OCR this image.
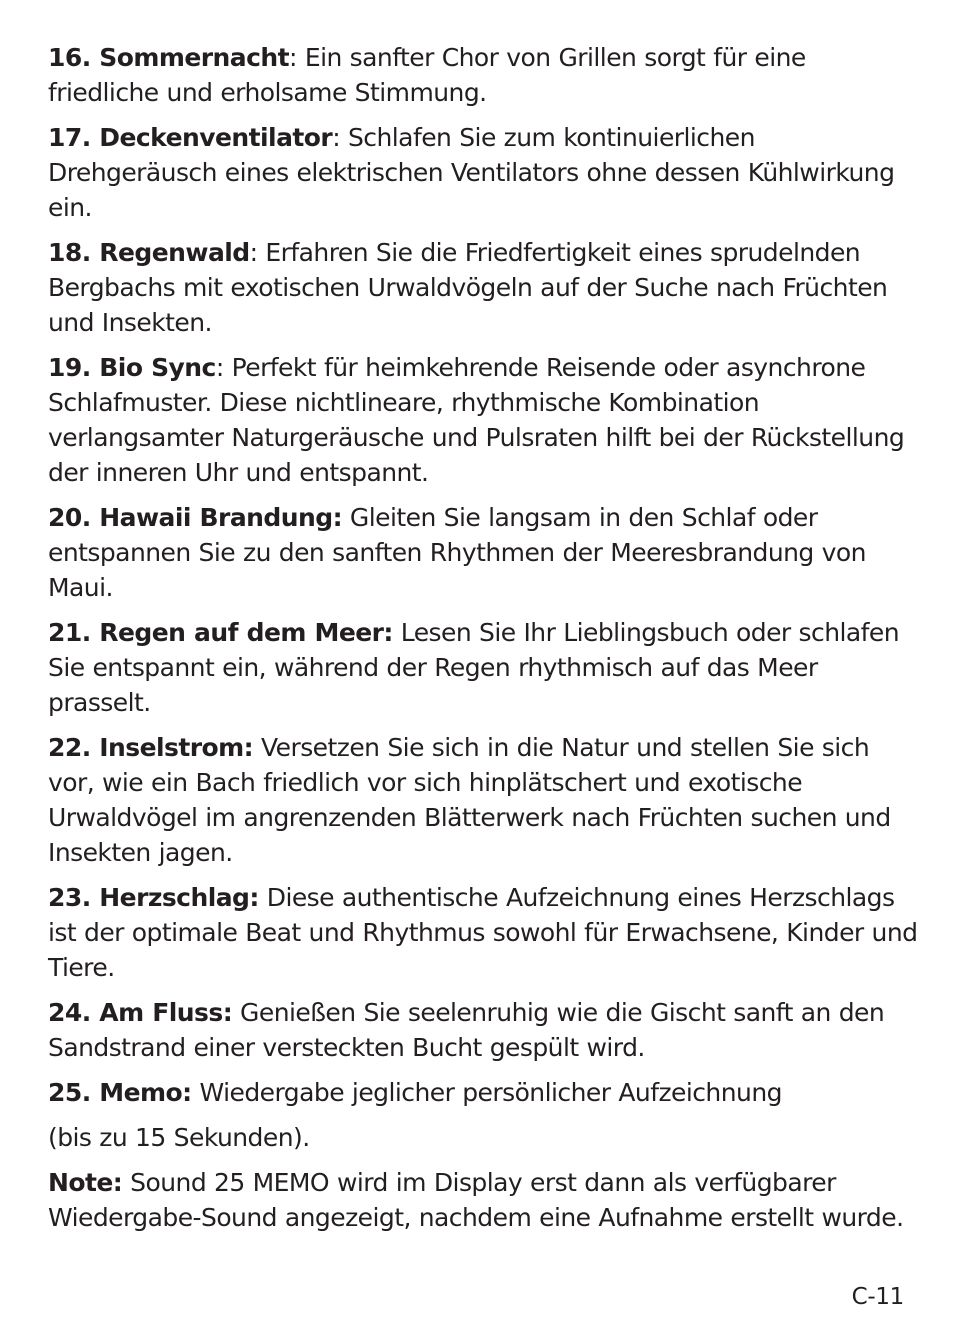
16. Sommernacht: Ein sanfter Chor von Grillen sorgt für eine friedliche und erholsame Stimmung.

17. Deckenventilator: Schlafen Sie zum kontinuierlichen Drehgeräusch eines elektrischen Ventilators ohne dessen Kühlwirkung ein.

18. Regenwald: Erfahren Sie die Friedfertigkeit eines sprudelnden Bergbachs mit exotischen Urwaldvögeln auf der Suche nach Früchten und Insekten.

19. Bio Sync: Perfekt für heimkehrende Reisende oder asynchrone Schlafmuster. Diese nichtlineare, rhythmische Kombination verlangsamter Naturgeräusche und Pulsraten hilft bei der Rückstellung der inneren Uhr und entspannt.

20. Hawaii Brandung: Gleiten Sie langsam in den Schlaf oder entspannen Sie zu den sanften Rhythmen der Meeresbrandung von Maui.

21. Regen auf dem Meer: Lesen Sie Ihr Lieblingsbuch oder schlafen Sie entspannt ein, während der Regen rhythmisch auf das Meer prasselt.

22. Inselstrom: Versetzen Sie sich in die Natur und stellen Sie sich vor, wie ein Bach friedlich vor sich hinplätschert und exotische Urwaldvögel im angrenzenden Blätterwerk nach Früchten suchen und Insekten jagen.

23. Herzschlag: Diese authentische Aufzeichnung eines Herzschlags ist der optimale Beat und Rhythmus sowohl für Erwachsene, Kinder und Tiere.

24. Am Fluss: Genießen Sie seelenruhig wie die Gischt sanft an den Sandstrand einer versteckten Bucht gespült wird.

25. Memo: Wiedergabe jeglicher persönlicher Aufzeichnung

(bis zu 15 Sekunden).

Note: Sound 25 MEMO wird im Display erst dann als verfügbarer Wiedergabe-Sound angezeigt, nachdem eine Aufnahme erstellt wurde.

C-11
